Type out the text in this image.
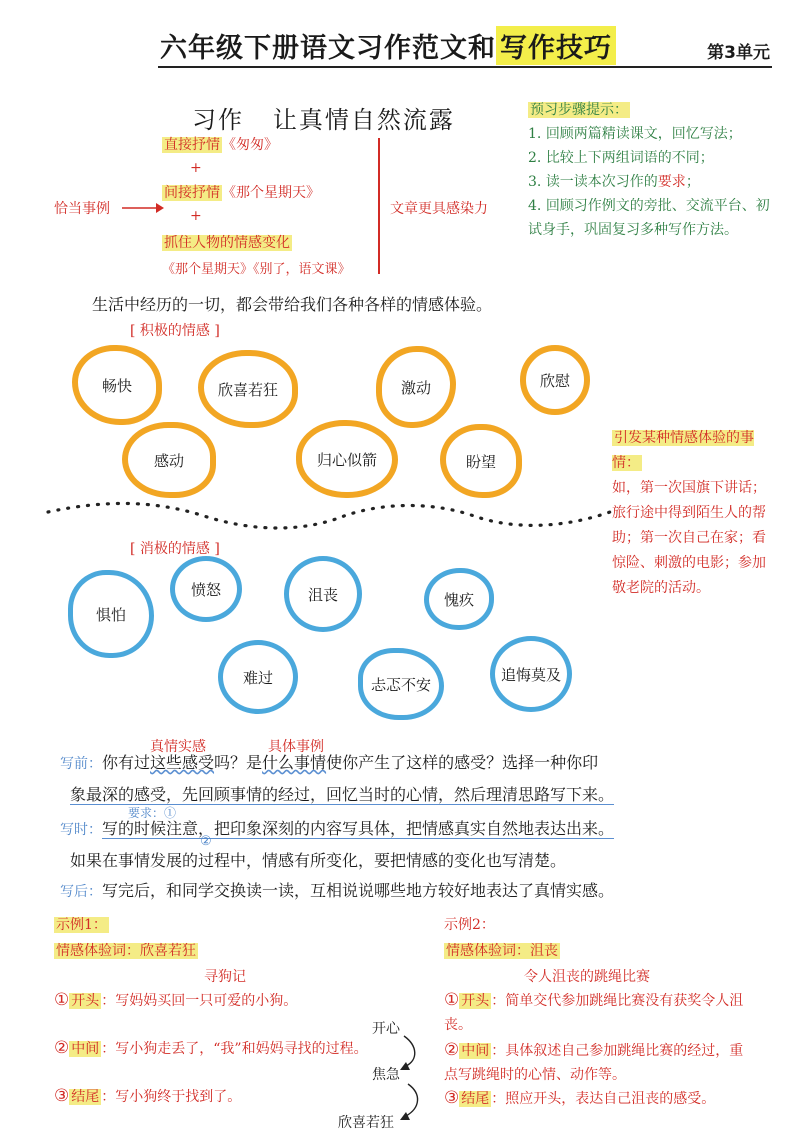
六年级下册语文习作范文和 写作技巧	第3单元
习作   让真情自然流露
直接抒情 《匆匆》
+
间接抒情 《那个星期天》
+
抓住人物的情感变化
《那个星期天》《别了，语文课》
恰当事例	文章更具感染力
预习步骤提示：
1. 回顾两篇精读课文，回忆写法；
2. 比较上下两组词语的不同；
3. 读一读本次习作的要求；
4. 回顾习作例文的旁批、交流平台、初试身手，巩固复习多种写作方法。
生活中经历的一切，都会带给我们各种各样的情感体验。
[ 积极的情感 ]
畅快	欣喜若狂	激动	欣慰
感动	归心似箭	盼望
引发某种情感体验的事情：
如，第一次国旗下讲话；旅行途中得到陌生人的帮助；第一次自己在家；看惊险、刺激的电影；参加敬老院的活动。
[ 消极的情感 ]
惧怕
愤怒	沮丧	愧疚
难过	忐忑不安
追悔莫及
真情实感	具体事例
写前：你有过这些感受吗？是什么事情使你产生了这样的感受？选择一种你印
象最深的感受，先回顾事情的经过，回忆当时的心情，然后理清思路写下来。
要求：①
写时：写的时候注意，把印象深刻的内容写具体，把情感真实自然地表达出来。
②
如果在事情发展的过程中，情感有所变化，要把情感的变化也写清楚。
写后：写完后，和同学交换读一读，互相说说哪些地方较好地表达了真情实感。
示例1：
情感体验词：欣喜若狂
寻狗记
① 开头 ：写妈妈买回一只可爱的小狗。
② 中间 ：写小狗走丢了，“我”和妈妈寻找的过程。
③ 结尾 ：写小狗终于找到了。
开心
焦急
欣喜若狂
示例2：
情感体验词：沮丧
令人沮丧的跳绳比赛
① 开头 ：简单交代参加跳绳比赛没有获奖令人沮丧。
② 中间 ：具体叙述自己参加跳绳比赛的经过，重点写跳绳时的心情、动作等。
③ 结尾 ：照应开头，表达自己沮丧的感受。
